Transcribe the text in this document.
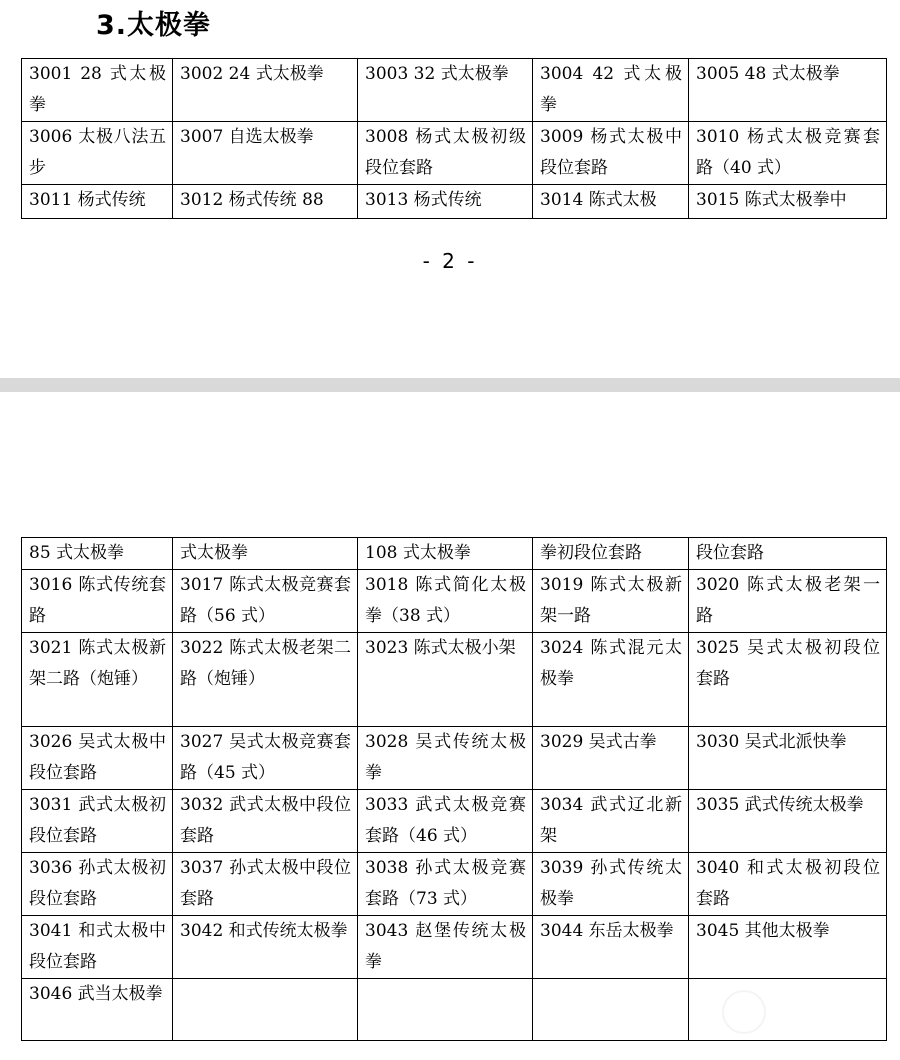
3.太极拳
3001 28 式太极拳	3002 24 式太极拳	3003 32 式太极拳	3004 42 式太极拳	3005 48 式太极拳
3006 太极八法五步	3007 自选太极拳	3008 杨式太极初级段位套路	3009 杨式太极中段位套路	3010 杨式太极竞赛套路（40 式）
3011 杨式传统	3012 杨式传统 88	3013 杨式传统	3014 陈式太极	3015 陈式太极拳中
- 2 -
85 式太极拳	式太极拳	108 式太极拳	拳初段位套路	段位套路
3016 陈式传统套路	3017 陈式太极竞赛套路（56 式）	3018 陈式简化太极拳（38 式）	3019 陈式太极新架一路	3020 陈式太极老架一路
3021 陈式太极新架二路（炮锤）	3022 陈式太极老架二路（炮锤）	3023 陈式太极小架	3024 陈式混元太极拳	3025 吴式太极初段位套路
3026 吴式太极中段位套路	3027 吴式太极竞赛套路（45 式）	3028 吴式传统太极拳	3029 吴式古拳	3030 吴式北派快拳
3031 武式太极初段位套路	3032 武式太极中段位套路	3033 武式太极竞赛套路（46 式）	3034 武式辽北新架	3035 武式传统太极拳
3036 孙式太极初段位套路	3037 孙式太极中段位套路	3038 孙式太极竞赛套路（73 式）	3039 孙式传统太极拳	3040 和式太极初段位套路
3041 和式太极中段位套路	3042 和式传统太极拳	3043 赵堡传统太极拳	3044 东岳太极拳	3045 其他太极拳
3046 武当太极拳				
